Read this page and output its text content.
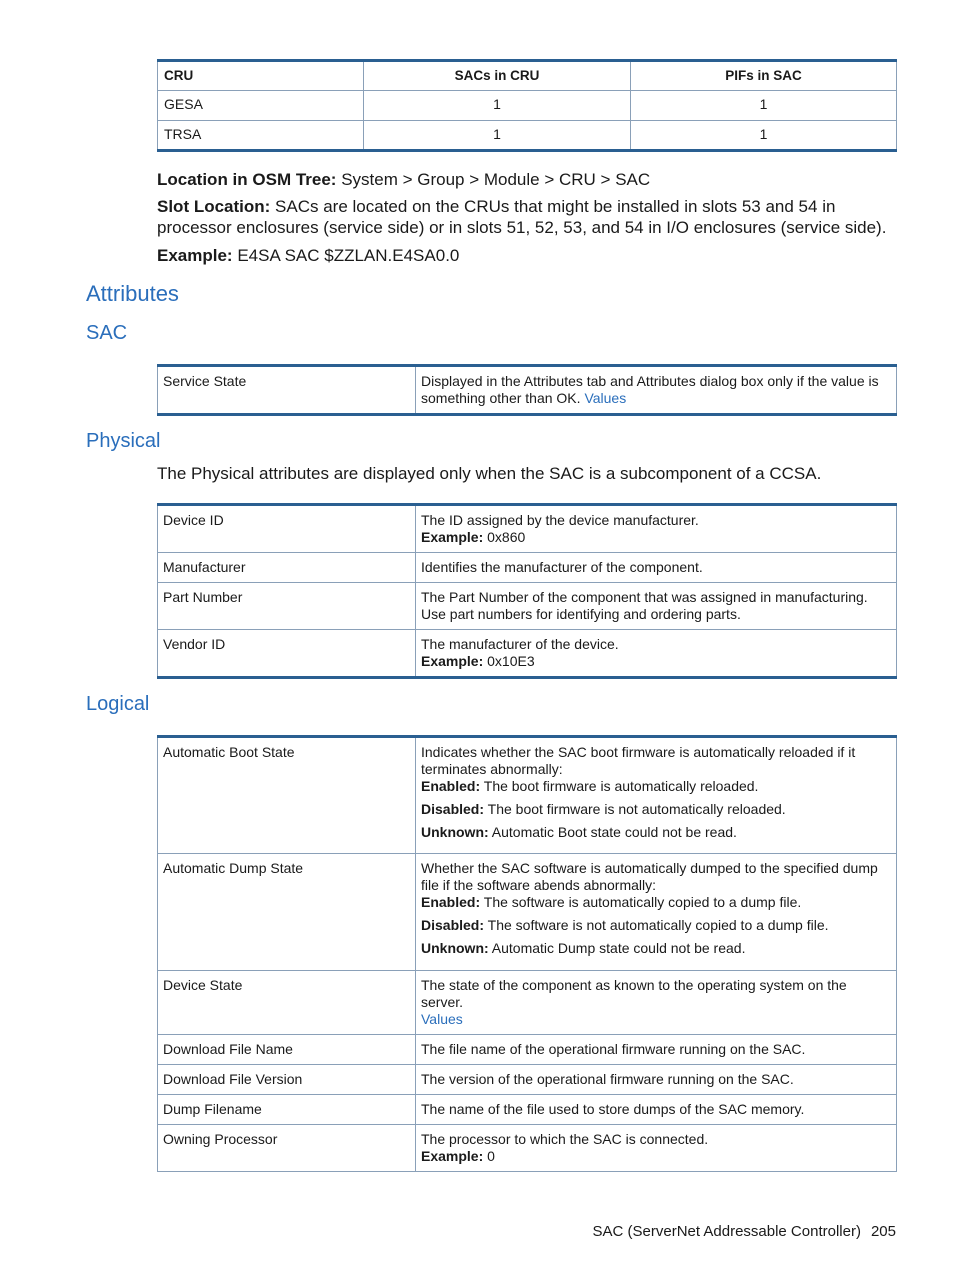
CRU	SACs in CRU	PIFs in SAC
GESA	1	1
TRSA	1	1
Location in OSM Tree: System > Group > Module > CRU > SAC
Slot Location: SACs are located on the CRUs that might be installed in slots 53 and 54 in processor enclosures (service side) or in slots 51, 52, 53, and 54 in I/O enclosures (service side).
Example: E4SA SAC $ZZLAN.E4SA0.0
Attributes
SAC
Service State	Displayed in the Attributes tab and Attributes dialog box only if the value is something other than OK. Values
Physical
The Physical attributes are displayed only when the SAC is a subcomponent of a CCSA.
Device ID	The ID assigned by the device manufacturer.
Example: 0x860

Manufacturer	Identifies the manufacturer of the component.
Part Number	The Part Number of the component that was assigned in manufacturing. Use part numbers for identifying and ordering parts.
Vendor ID	The manufacturer of the device.
Example: 0x10E3
Logical
Automatic Boot State	Indicates whether the SAC boot firmware is automatically reloaded if it terminates abnormally:
Enabled: The boot firmware is automatically reloaded.
Disabled: The boot firmware is not automatically reloaded.
Unknown: Automatic Boot state could not be read.

Automatic Dump State	Whether the SAC software is automatically dumped to the specified dump file if the software abends abnormally:
Enabled: The software is automatically copied to a dump file.
Disabled: The software is not automatically copied to a dump file.
Unknown: Automatic Dump state could not be read.

Device State	The state of the component as known to the operating system on the server.
Values

Download File Name	The file name of the operational firmware running on the SAC.
Download File Version	The version of the operational firmware running on the SAC.
Dump Filename	The name of the file used to store dumps of the SAC memory.
Owning Processor	The processor to which the SAC is connected.
Example: 0
SAC (ServerNet Addressable Controller) 205
